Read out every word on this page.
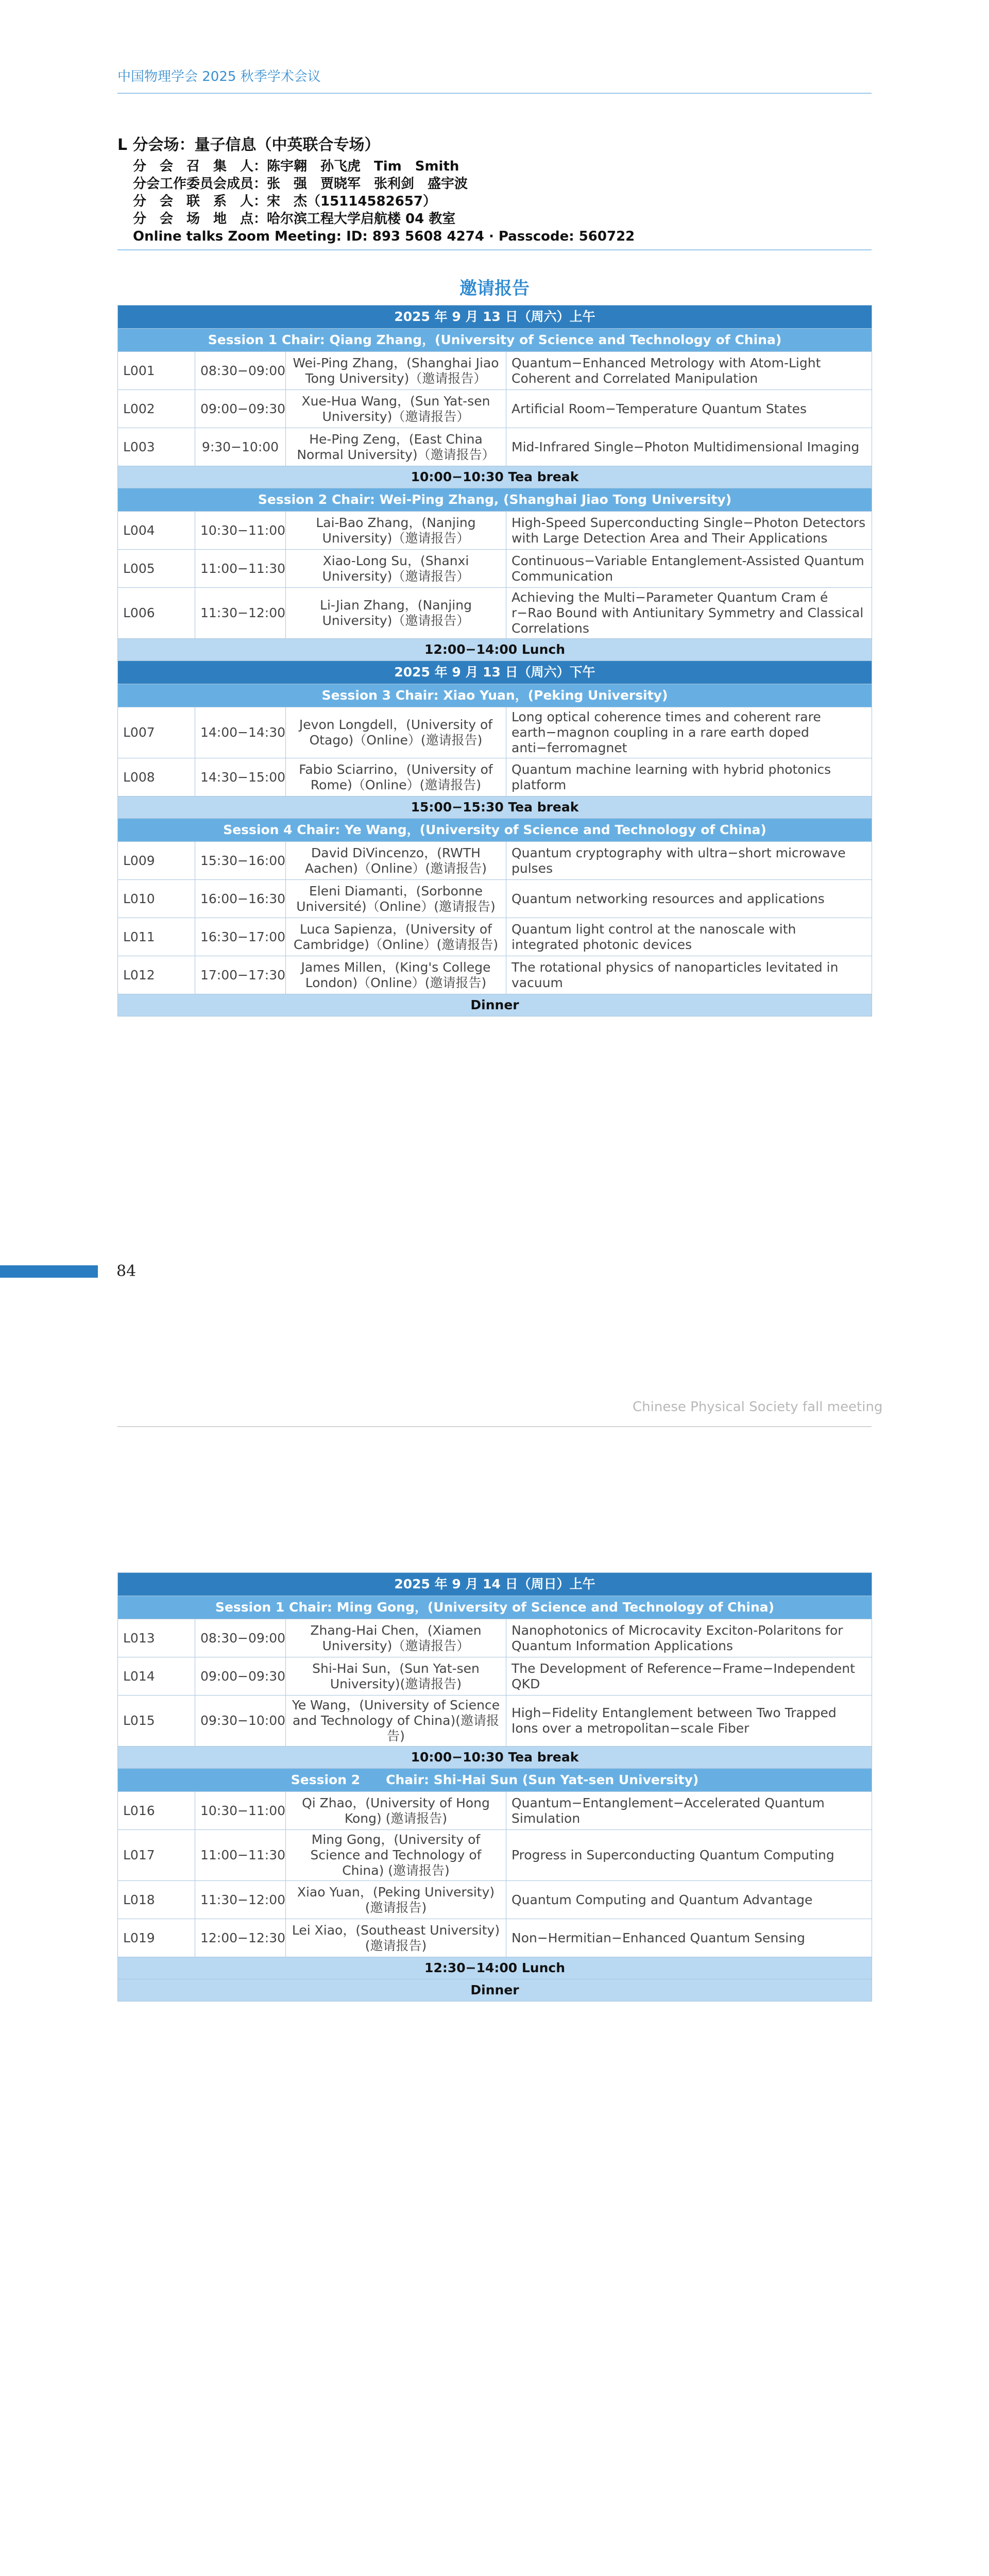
中国物理学会 2025 秋季学术会议
L 分会场：量子信息（中英联合专场）
分　会　召　集　人：陈宇翱　孙飞虎　Tim　Smith
分会工作委员会成员：张　强　贾晓军　张利剑　盛宇波
分　会　联　系　人：宋　杰（15114582657）
分　会　场　地　点：哈尔滨工程大学启航楼 04 教室
Online talks Zoom Meeting: ID: 893 5608 4274 · Passcode: 560722
邀请报告
2025 年 9 月 13 日（周六）上午			
Session 1 Chair: Qiang Zhang，(University of Science and Technology of China)			
L001	08:30−09:00	Wei-Ping Zhang，(Shanghai Jiao Tong University)（邀请报告）	Quantum−Enhanced Metrology with Atom-Light Coherent and Correlated Manipulation
L002	09:00−09:30	Xue-Hua Wang，(Sun Yat-sen University)（邀请报告）	Artificial Room−Temperature Quantum States
L003	9:30−10:00	He-Ping Zeng，(East China Normal University)（邀请报告）	Mid-Infrared Single−Photon Multidimensional Imaging
10:00−10:30 Tea break			
Session 2 Chair: Wei-Ping Zhang, (Shanghai Jiao Tong University)			
L004	10:30−11:00	Lai-Bao Zhang，(Nanjing University)（邀请报告）	High-Speed Superconducting Single−Photon Detectors with Large Detection Area and Their Applications
L005	11:00−11:30	Xiao-Long Su，(Shanxi University)（邀请报告）	Continuous−Variable Entanglement-Assisted Quantum Communication
L006	11:30−12:00	Li-Jian Zhang，(Nanjing University)（邀请报告）	Achieving the Multi−Parameter Quantum Cram é r−Rao Bound with Antiunitary Symmetry and Classical Correlations
12:00−14:00 Lunch			
2025 年 9 月 13 日（周六）下午			
Session 3 Chair: Xiao Yuan，(Peking University)			
L007	14:00−14:30	Jevon Longdell，(University of Otago)（Online）(邀请报告)	Long optical coherence times and coherent rare earth−magnon coupling in a rare earth doped anti−ferromagnet
L008	14:30−15:00	Fabio Sciarrino，(University of Rome)（Online）(邀请报告)	Quantum machine learning with hybrid photonics platform
15:00−15:30 Tea break			
Session 4 Chair: Ye Wang，(University of Science and Technology of China)			
L009	15:30−16:00	David DiVincenzo，(RWTH Aachen)（Online）(邀请报告)	Quantum cryptography with ultra−short microwave pulses
L010	16:00−16:30	Eleni Diamanti，(Sorbonne Université)（Online）(邀请报告)	Quantum networking resources and applications
L011	16:30−17:00	Luca Sapienza，(University of Cambridge)（Online）(邀请报告)	Quantum light control at the nanoscale with integrated photonic devices
L012	17:00−17:30	James Millen，(King's College London)（Online）(邀请报告)	The rotational physics of nanoparticles levitated in vacuum
Dinner			
84
Chinese Physical Society fall meeting
2025 年 9 月 14 日（周日）上午			
Session 1 Chair: Ming Gong，(University of Science and Technology of China)			
L013	08:30−09:00	Zhang-Hai Chen，(Xiamen University)（邀请报告）	Nanophotonics of Microcavity Exciton-Polaritons for Quantum Information Applications
L014	09:00−09:30	Shi-Hai Sun，(Sun Yat-sen University)(邀请报告)	The Development of Reference−Frame−Independent QKD
L015	09:30−10:00	Ye Wang，(University of Science and Technology of China)(邀请报告)	High−Fidelity Entanglement between Two Trapped Ions over a metropolitan−scale Fiber
10:00−10:30 Tea break			
Session 2　　Chair: Shi-Hai Sun (Sun Yat-sen University)			
L016	10:30−11:00	Qi Zhao，(University of Hong Kong) (邀请报告)	Quantum−Entanglement−Accelerated Quantum Simulation
L017	11:00−11:30	Ming Gong，(University of Science and Technology of China) (邀请报告)	Progress in Superconducting Quantum Computing
L018	11:30−12:00	Xiao Yuan，(Peking University) (邀请报告)	Quantum Computing and Quantum Advantage
L019	12:00−12:30	Lei Xiao，(Southeast University) (邀请报告)	Non−Hermitian−Enhanced Quantum Sensing
12:30−14:00 Lunch			
Dinner			
